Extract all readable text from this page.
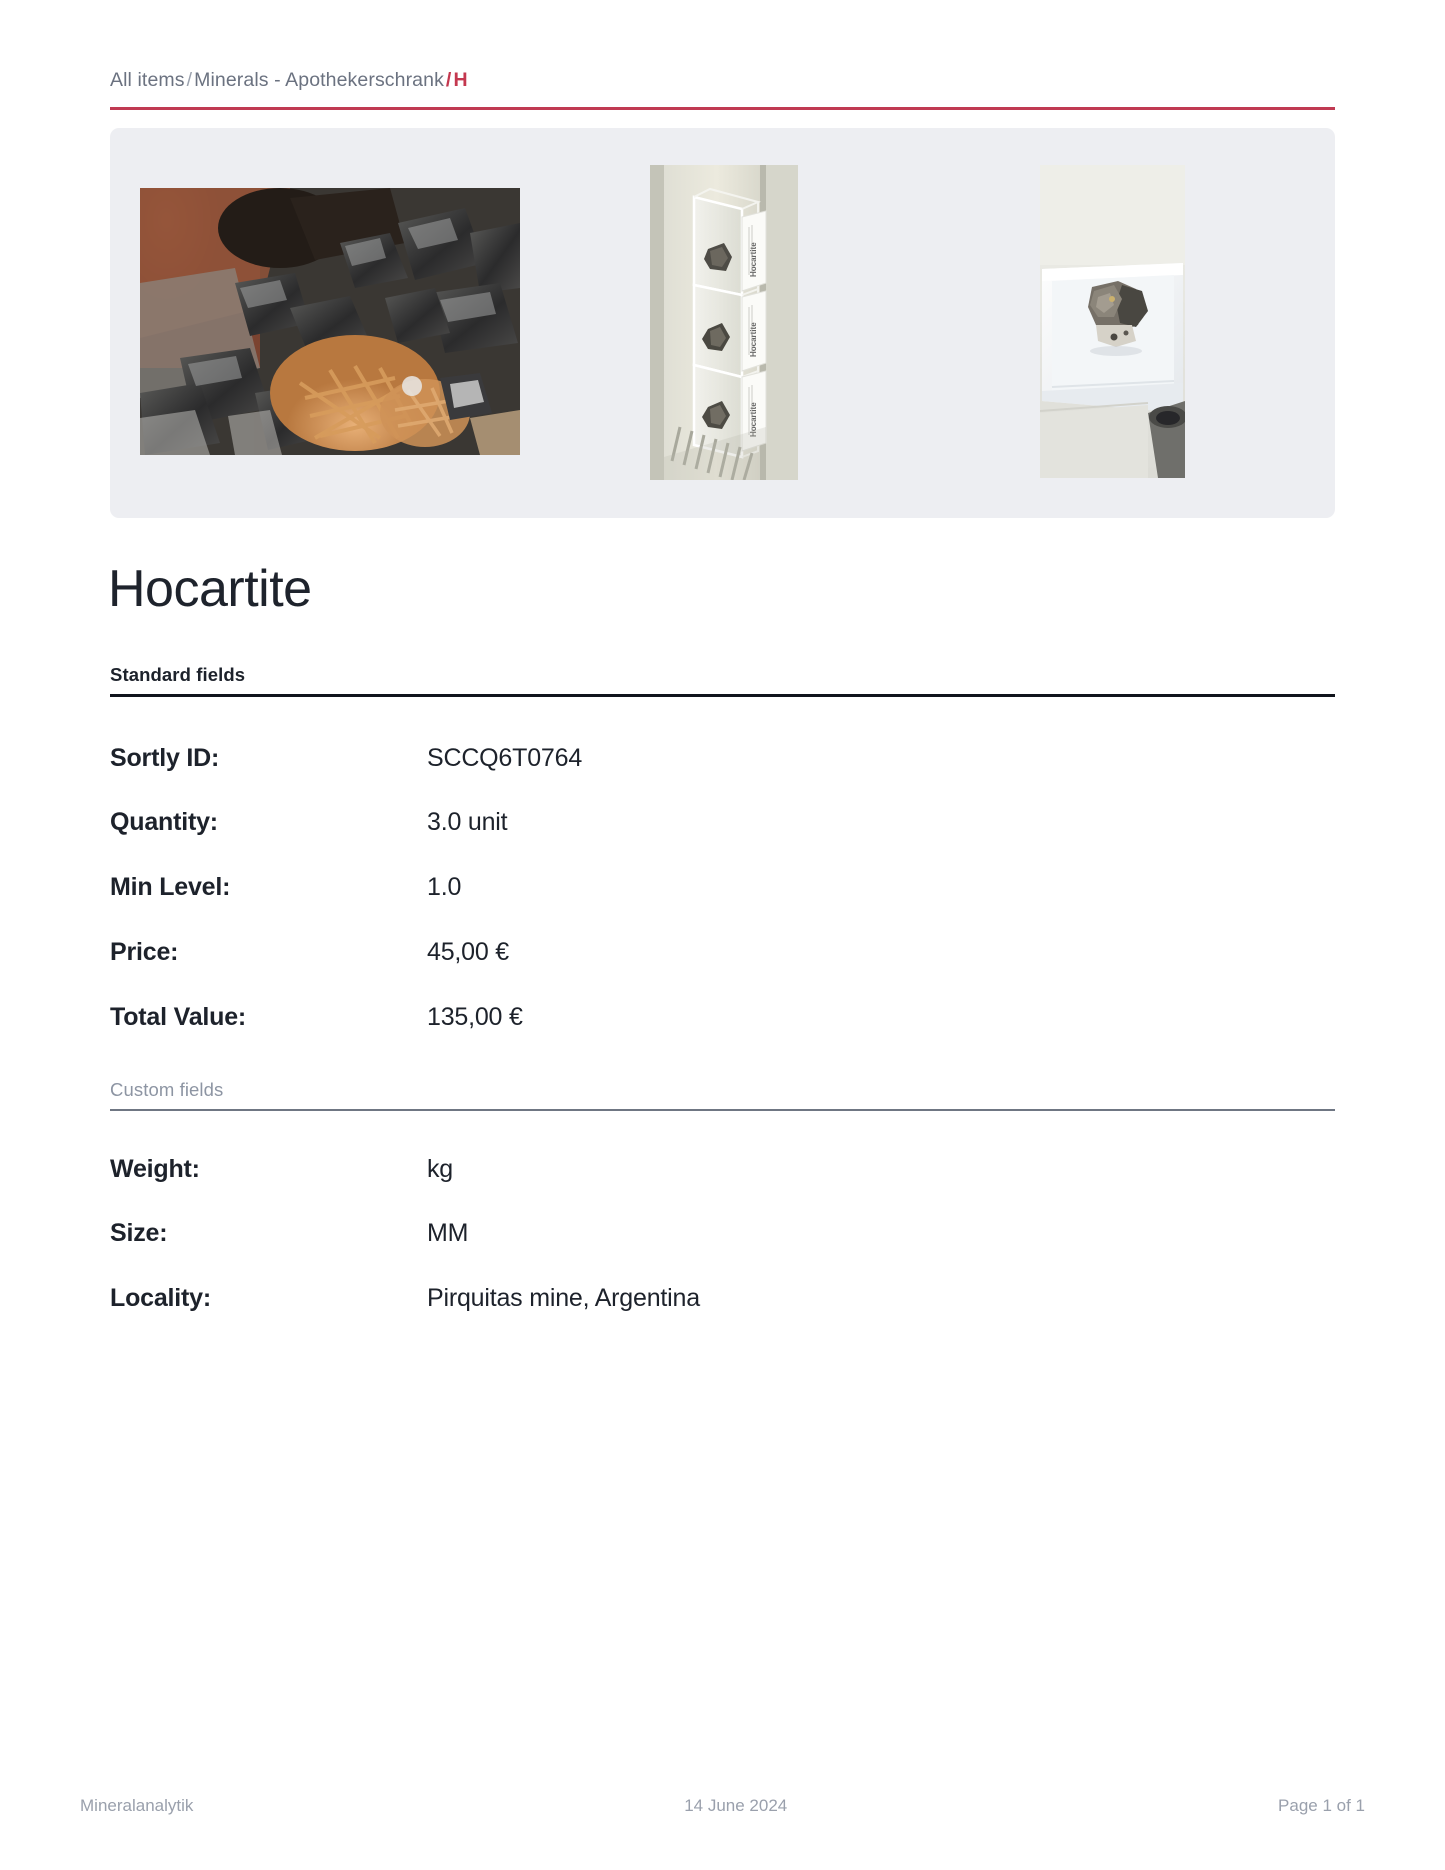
All items / Minerals - Apothekerschrank / H
Hocartite
Hocartite
Hocartite
Hocartite
Standard fields
Sortly ID:	SCCQ6T0764
Quantity:	3.0 unit
Min Level:	1.0
Price:	45,00 €
Total Value:	135,00 €
Custom fields
Weight:	kg
Size:	MM
Locality:	Pirquitas mine, Argentina
Mineralanalytik	14 June 2024	Page 1 of 1
